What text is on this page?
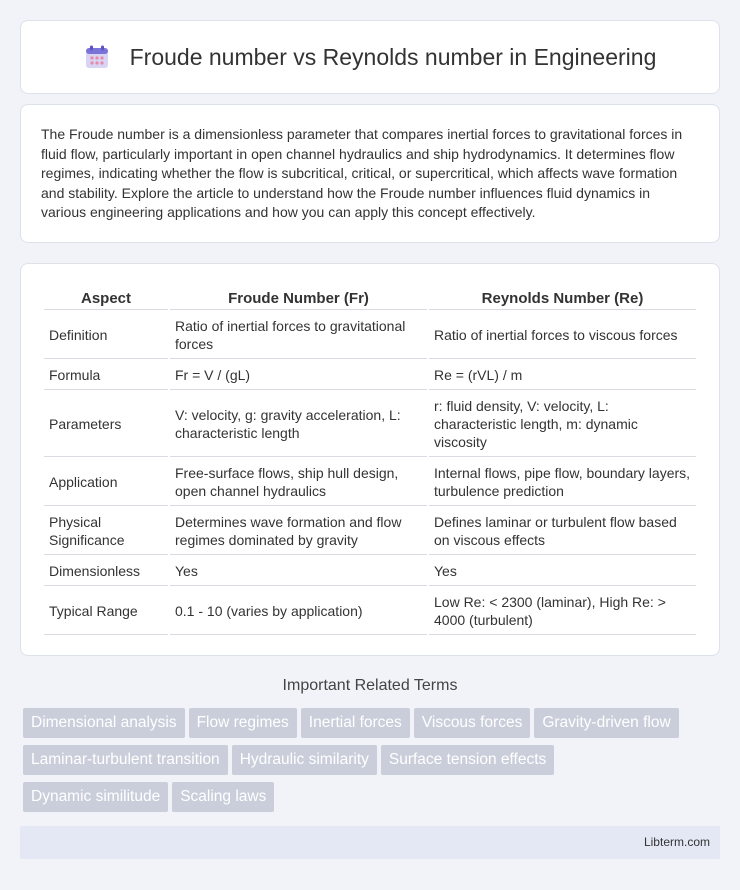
Froude number vs Reynolds number in Engineering

The Froude number is a dimensionless parameter that compares inertial forces to gravitational forces in fluid flow, particularly important in open channel hydraulics and ship hydrodynamics. It determines flow regimes, indicating whether the flow is subcritical, critical, or supercritical, which affects wave formation and stability. Explore the article to understand how the Froude number influences fluid dynamics in various engineering applications and how you can apply this concept effectively.

Aspect	Froude Number (Fr)	Reynolds Number (Re)
Definition	Ratio of inertial forces to gravitational forces	Ratio of inertial forces to viscous forces
Formula	Fr = V / (gL)	Re = (rVL) / m
Parameters	V: velocity, g: gravity acceleration, L: characteristic length	r: fluid density, V: velocity, L: characteristic length, m: dynamic viscosity
Application	Free-surface flows, ship hull design, open channel hydraulics	Internal flows, pipe flow, boundary layers, turbulence prediction
Physical Significance	Determines wave formation and flow regimes dominated by gravity	Defines laminar or turbulent flow based on viscous effects
Dimensionless	Yes	Yes
Typical Range	0.1 - 10 (varies by application)	Low Re: < 2300 (laminar), High Re: > 4000 (turbulent)
Important Related Terms
Dimensional analysis Flow regimes Inertial forces Viscous forces Gravity-driven flow
Laminar-turbulent transition Hydraulic similarity Surface tension effects
Dynamic similitude Scaling laws
Libterm.com
